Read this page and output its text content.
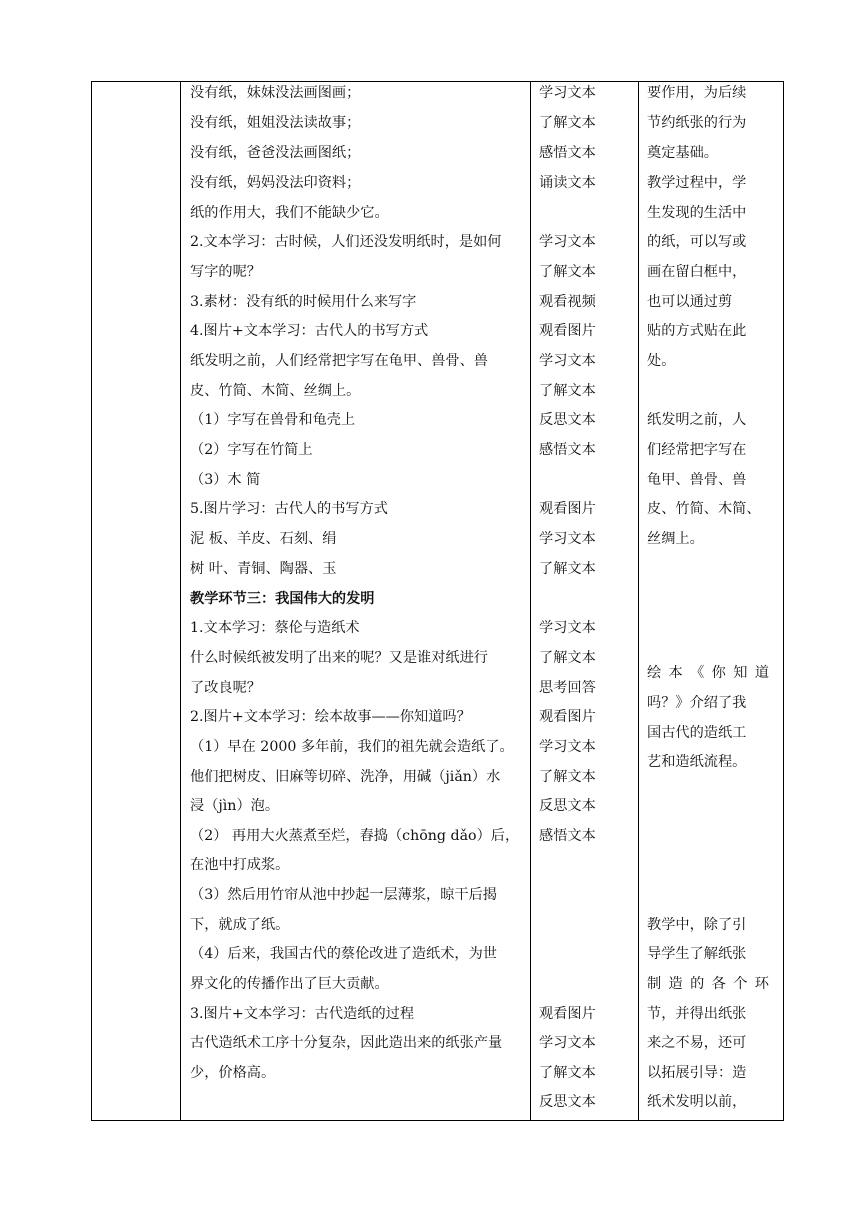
没有纸，妹妹没法画图画；
没有纸，姐姐没法读故事；
没有纸，爸爸没法画图纸；
没有纸，妈妈没法印资料；
纸的作用大，我们不能缺少它。
2.文本学习：古时候，人们还没发明纸时，是如何
写字的呢？
3.素材：没有纸的时候用什么来写字
4.图片+文本学习：古代人的书写方式
纸发明之前，人们经常把字写在龟甲、兽骨、兽
皮、竹简、木简、丝绸上。
（1）字写在兽骨和龟壳上
（2）字写在竹简上
（3）木 简
5.图片学习：古代人的书写方式
泥 板、羊皮、石刻、绢
树 叶、青铜、陶器、玉
教学环节三：我国伟大的发明
1.文本学习：蔡伦与造纸术
什么时候纸被发明了出来的呢？又是谁对纸进行
了改良呢？
2.图片+文本学习：绘本故事——你知道吗？
（1）早在 2000 多年前，我们的祖先就会造纸了。
他们把树皮、旧麻等切碎、洗净，用碱（jiǎn）水
浸（jìn）泡。
（2） 再用大火蒸煮至烂，舂捣（chōng dǎo）后，
在池中打成浆。
（3）然后用竹帘从池中抄起一层薄浆，晾干后揭
下，就成了纸。
（4）后来，我国古代的蔡伦改进了造纸术，为世
界文化的传播作出了巨大贡献。
3.图片+文本学习：古代造纸的过程
古代造纸术工序十分复杂，因此造出来的纸张产量
少，价格高。
学习文本
了解文本
感悟文本
诵读文本
学习文本
了解文本
观看视频
观看图片
学习文本
了解文本
反思文本
感悟文本
观看图片
学习文本
了解文本
学习文本
了解文本
思考回答
观看图片
学习文本
了解文本
反思文本
感悟文本
观看图片
学习文本
了解文本
反思文本
要作用，为后续
节约纸张的行为
奠定基础。
教学过程中，学
生发现的生活中
的纸，可以写或
画在留白框中，
也可以通过剪
贴的方式贴在此
处。
纸发明之前，人
们经常把字写在
龟甲、兽骨、兽
皮、竹简、木简、
丝绸上。
绘本《你知道
吗？》介绍了我
国古代的造纸工
艺和造纸流程。
教学中，除了引
导学生了解纸张
制造的各个环
节，并得出纸张
来之不易，还可
以拓展引导：造
纸术发明以前，
